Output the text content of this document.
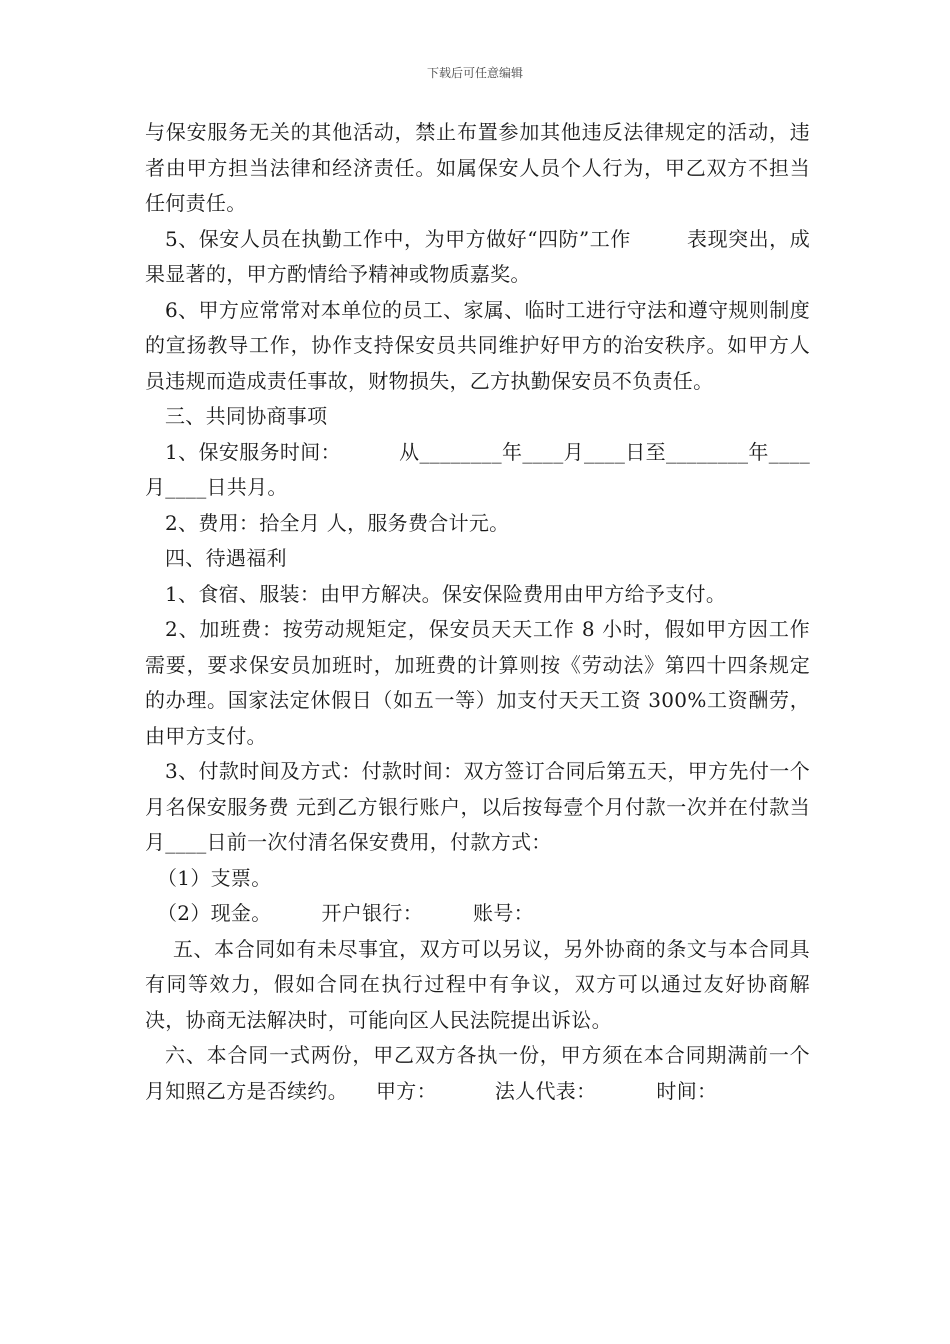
下载后可任意编辑

与保安服务无关的其他活动，禁止布置参加其他违反法律规定的活动，违者由甲方担当法律和经济责任。如属保安人员个人行为，甲乙双方不担当任何责任。

5、保安人员在执勤工作中，为甲方做好“四防”工作	表现突出，成果显著的，甲方酌情给予精神或物质嘉奖。

6、甲方应常常对本单位的员工、家属、临时工进行守法和遵守规则制度的宣扬教导工作，协作支持保安员共同维护好甲方的治安秩序。如甲方人员违规而造成责任事故，财物损失，乙方执勤保安员不负责任。

三、共同协商事项

1、保安服务时间：	从________年____月____日至________年____月____日共月。

2、费用：拾全月 人，服务费合计元。

四、待遇福利

1、食宿、服装：由甲方解决。保安保险费用由甲方给予支付。

2、加班费：按劳动规矩定，保安员天天工作 8 小时，假如甲方因工作需要，要求保安员加班时，加班费的计算则按《劳动法》第四十四条规定的办理。国家法定休假日（如五一等）加支付天天工资 300%工资酬劳，由甲方支付。

3、付款时间及方式：付款时间：双方签订合同后第五天，甲方先付一个月名保安服务费 元到乙方银行账户，以后按每壹个月付款一次并在付款当月____日前一次付清名保安费用，付款方式：

（1）支票。

（2）现金。	开户银行：	账号：

五、本合同如有未尽事宜，双方可以另议，另外协商的条文与本合同具有同等效力，假如合同在执行过程中有争议，双方可以通过友好协商解决，协商无法解决时，可能向区人民法院提出诉讼。

六、本合同一式两份，甲乙双方各执一份，甲方须在本合同期满前一个月知照乙方是否续约。 甲方：	法人代表：	时间：
